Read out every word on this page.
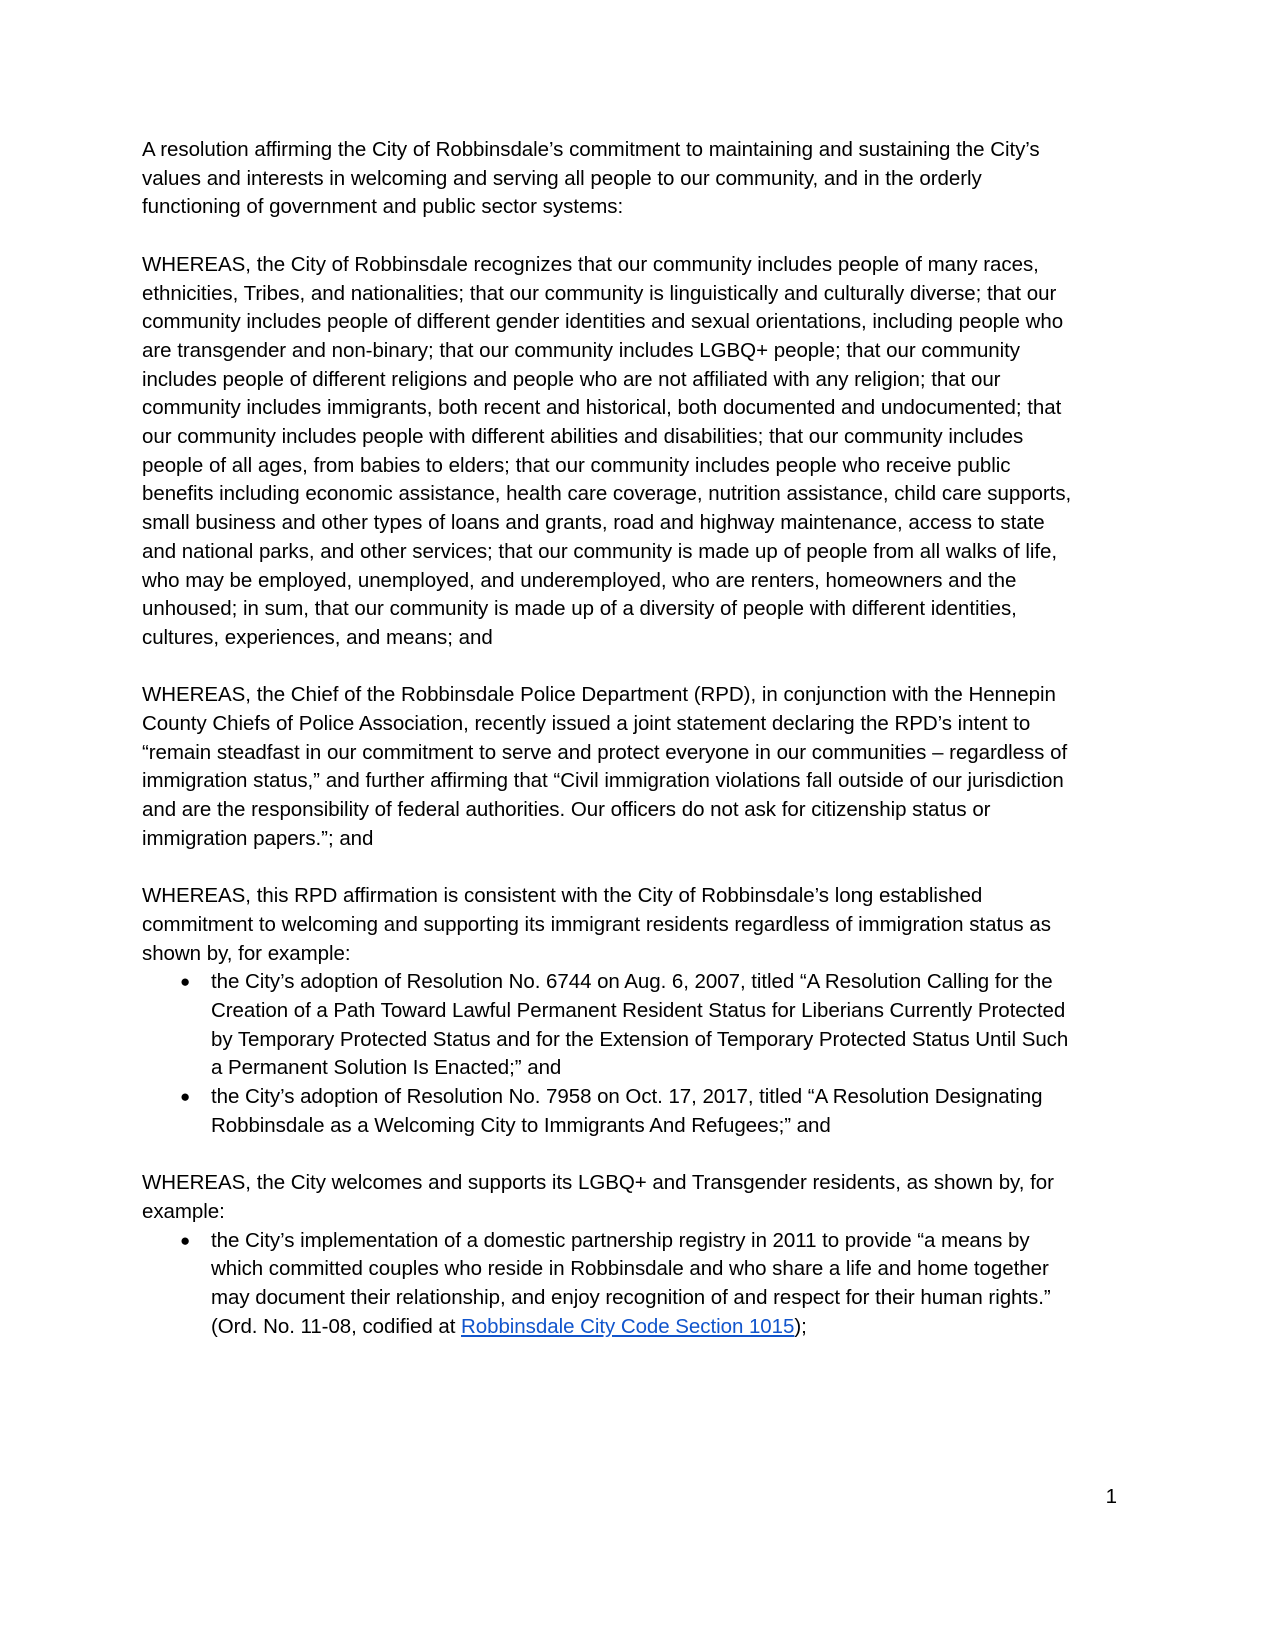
A resolution affirming the City of Robbinsdale’s commitment to maintaining and sustaining the City’s values and interests in welcoming and serving all people to our community, and in the orderly functioning of government and public sector systems:

WHEREAS, the City of Robbinsdale recognizes that our community includes people of many races, ethnicities, Tribes, and nationalities; that our community is linguistically and culturally diverse; that our community includes people of different gender identities and sexual orientations, including people who are transgender and non-binary; that our community includes LGBQ+ people; that our community includes people of different religions and people who are not affiliated with any religion; that our community includes immigrants, both recent and historical, both documented and undocumented; that our community includes people with different abilities and disabilities; that our community includes people of all ages, from babies to elders; that our community includes people who receive public benefits including economic assistance, health care coverage, nutrition assistance, child care supports, small business and other types of loans and grants, road and highway maintenance, access to state and national parks, and other services; that our community is made up of people from all walks of life, who may be employed, unemployed, and underemployed, who are renters, homeowners and the unhoused; in sum, that our community is made up of a diversity of people with different identities, cultures, experiences, and means; and

WHEREAS, the Chief of the Robbinsdale Police Department (RPD), in conjunction with the Hennepin County Chiefs of Police Association, recently issued a joint statement declaring the RPD’s intent to “remain steadfast in our commitment to serve and protect everyone in our communities – regardless of immigration status,” and further affirming that “Civil immigration violations fall outside of our jurisdiction and are the responsibility of federal authorities. Our officers do not ask for citizenship status or immigration papers.”; and

WHEREAS, this RPD affirmation is consistent with the City of Robbinsdale’s long established commitment to welcoming and supporting its immigrant residents regardless of immigration status as shown by, for example:

● the City’s adoption of Resolution No. 6744 on Aug. 6, 2007, titled “A Resolution Calling for the Creation of a Path Toward Lawful Permanent Resident Status for Liberians Currently Protected by Temporary Protected Status and for the Extension of Temporary Protected Status Until Such a Permanent Solution Is Enacted;” and
● the City’s adoption of Resolution No. 7958 on Oct. 17, 2017, titled “A Resolution Designating Robbinsdale as a Welcoming City to Immigrants And Refugees;” and

WHEREAS, the City welcomes and supports its LGBQ+ and Transgender residents, as shown by, for example:

● the City’s implementation of a domestic partnership registry in 2011 to provide “a means by which committed couples who reside in Robbinsdale and who share a life and home together may document their relationship, and enjoy recognition of and respect for their human rights.” (Ord. No. 11-08, codified at Robbinsdale City Code Section 1015);
1
